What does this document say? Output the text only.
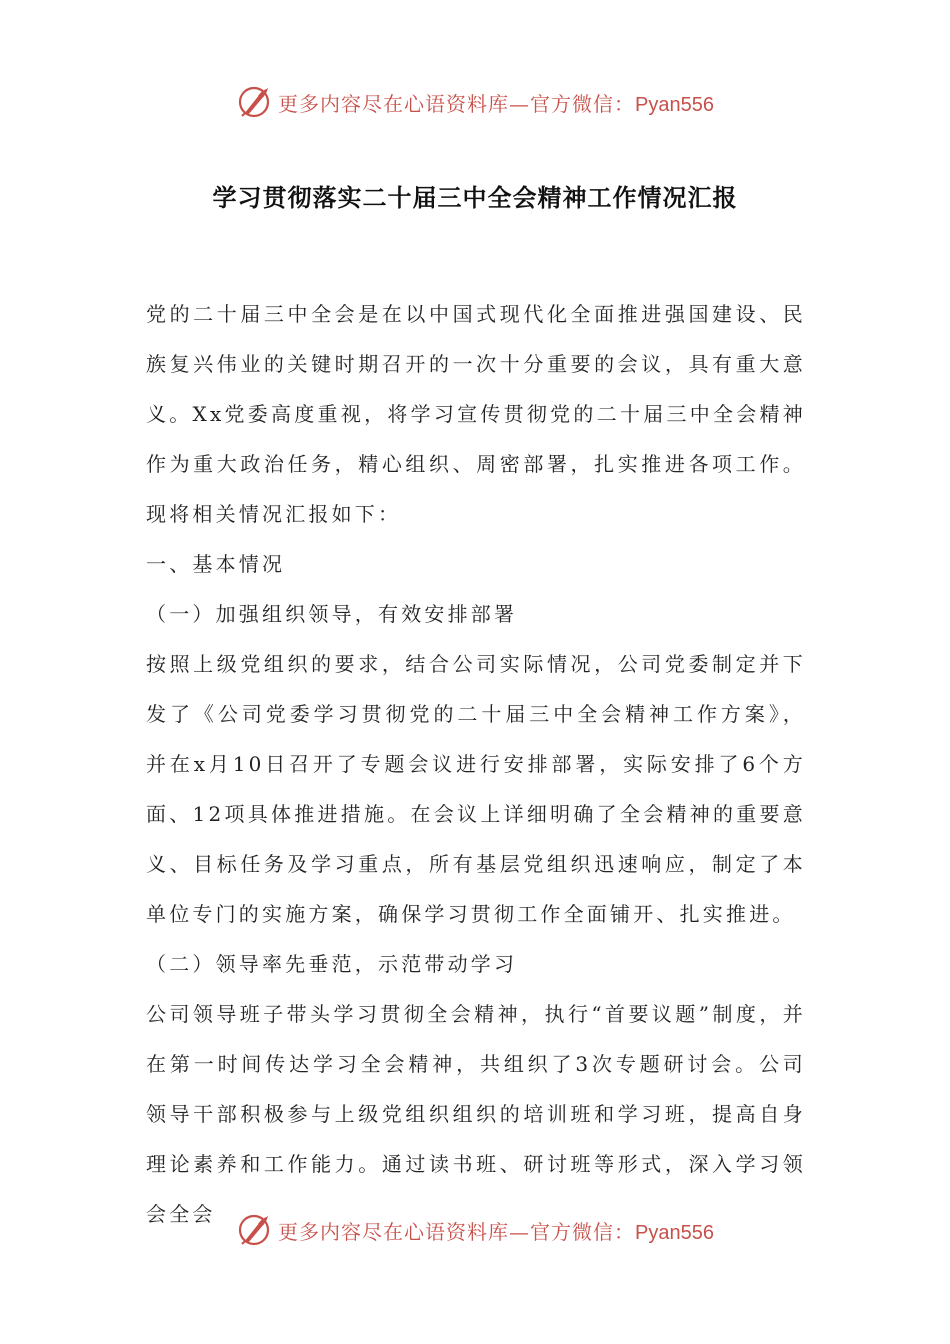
更多内容尽在心语资料库—官方微信：Pyan556
学习贯彻落实二十届三中全会精神工作情况汇报

党的二十届三中全会是在以中国式现代化全面推进强国建设、民族复兴伟业的关键时期召开的一次十分重要的会议，具有重大意义。Xx党委高度重视，将学习宣传贯彻党的二十届三中全会精神作为重大政治任务，精心组织、周密部署，扎实推进各项工作。现将相关情况汇报如下：

一、基本情况

（一）加强组织领导，有效安排部署

按照上级党组织的要求，结合公司实际情况，公司党委制定并下发了《公司党委学习贯彻党的二十届三中全会精神工作方案》，并在x月10日召开了专题会议进行安排部署，实际安排了6个方面、12项具体推进措施。在会议上详细明确了全会精神的重要意义、目标任务及学习重点，所有基层党组织迅速响应，制定了本单位专门的实施方案，确保学习贯彻工作全面铺开、扎实推进。

（二）领导率先垂范，示范带动学习

公司领导班子带头学习贯彻全会精神，执行“首要议题”制度，并在第一时间传达学习全会精神，共组织了3次专题研讨会。公司领导干部积极参与上级党组织组织的培训班和学习班，提高自身理论素养和工作能力。通过读书班、研讨班等形式，深入学习领会全会

更多内容尽在心语资料库—官方微信：Pyan556
